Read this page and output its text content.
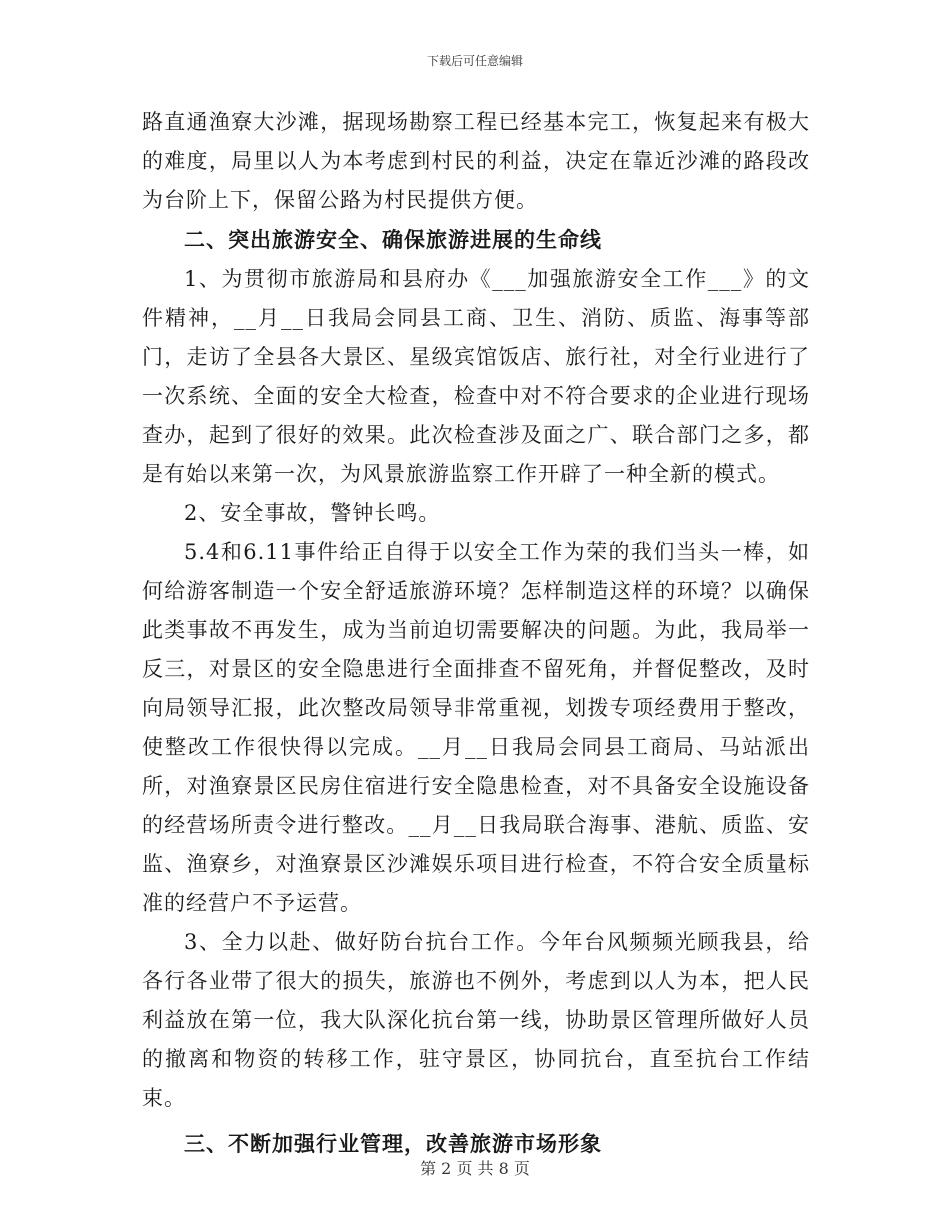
下载后可任意编辑

路直通渔寮大沙滩，据现场勘察工程已经基本完工，恢复起来有极大的难度，局里以人为本考虑到村民的利益，决定在靠近沙滩的路段改为台阶上下，保留公路为村民提供方便。

二、突出旅游安全、确保旅游进展的生命线

1、为贯彻市旅游局和县府办《___加强旅游安全工作___》的文件精神，__月__日我局会同县工商、卫生、消防、质监、海事等部门，走访了全县各大景区、星级宾馆饭店、旅行社，对全行业进行了一次系统、全面的安全大检查，检查中对不符合要求的企业进行现场查办，起到了很好的效果。此次检查涉及面之广、联合部门之多，都是有始以来第一次，为风景旅游监察工作开辟了一种全新的模式。

2、安全事故，警钟长鸣。

5.4和6.11事件给正自得于以安全工作为荣的我们当头一棒，如何给游客制造一个安全舒适旅游环境？怎样制造这样的环境？以确保此类事故不再发生，成为当前迫切需要解决的问题。为此，我局举一反三，对景区的安全隐患进行全面排查不留死角，并督促整改，及时向局领导汇报，此次整改局领导非常重视，划拨专项经费用于整改，使整改工作很快得以完成。__月__日我局会同县工商局、马站派出所，对渔寮景区民房住宿进行安全隐患检查，对不具备安全设施设备的经营场所责令进行整改。__月__日我局联合海事、港航、质监、安监、渔寮乡，对渔寮景区沙滩娱乐项目进行检查，不符合安全质量标准的经营户不予运营。

3、全力以赴、做好防台抗台工作。今年台风频频光顾我县，给各行各业带了很大的损失，旅游也不例外，考虑到以人为本，把人民利益放在第一位，我大队深化抗台第一线，协助景区管理所做好人员的撤离和物资的转移工作，驻守景区，协同抗台，直至抗台工作结束。

三、不断加强行业管理，改善旅游市场形象

第 2 页 共 8 页
